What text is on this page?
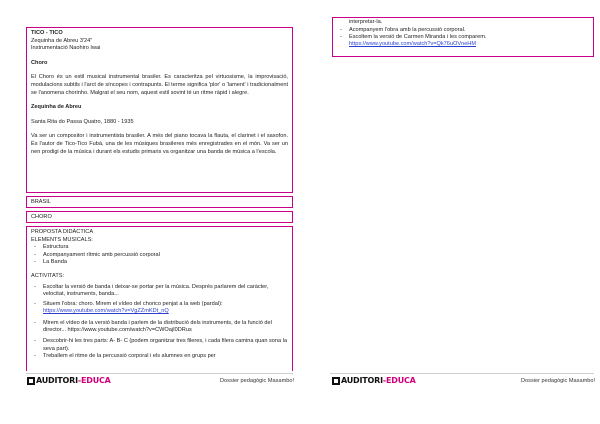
TICO - TICO
Zequinha de Abreu 3'24''
Instrumentació Naohiro Iwai
Choro
El Choro és un estil musical instrumental brasiler. Es caracteritza pel virtuosisme, la improvisació, modulacions subtils i l'arct de síncopes i contrapunts. El terme significa 'plor' o 'lament' i tradicionalment se l'anomena chorinho. Malgrat el seu nom, aquest estil sovint té un ritme ràpid i alegre.
Zequinha de Abreu
Santa Rita do Passa Quatro, 1880 - 1935
Va ser un compositor i instrumentista brasiler. A més del piano tocava la flauta, el clarinet i el saxofon. És l'autor de Tico-Tico Fubá, una de les músiques brasileres més enregistrades en el món. Va ser un nen prodigi de la música i durant els estudis primaris va organitzar una banda de música a l'escola.
BRASIL
CHORO
PROPOSTA DIDÀCTICA
ELEMENTS MUSICALS:
- Estructura
- Acompanyament rítmic amb percussió corporal
- La Banda
ACTIVITATS:
- Escoltar la versió de banda i deixar-se portar per la música. Després parlarem del caràcter, velocitat, instruments, banda...
- Situem l'obra: choro. Mirem el vídeo del chorico penjat a la web (pardal):
https://www.youtube.com/watch?v=VgZZmKDt_nQ
- Mirem el vídeo de la versió banda i parlem de la distribució dels instruments, de la funció del director... https://www.youtube.com/watch?v=CWOajI0DRus
- Descobrir-hi les tres parts: A- B- C (podem organitzar tres fileres, i cada filera camina quan sona la seva part).
- Treballem el ritme de la percussió corporal i els alumnes en grups per
AUDITORI-EDUCA	Dossier pedagògic Masambo!
interpretar-la.
- Acompanyem l'obra amb la percussió corporal.
- Escoltem la versió de Carmen Miranda i les comparem.
https://www.youtube.com/watch?v=Qk76uOVneHM
AUDITORI-EDUCA	Dossier pedagògic Masambo!
